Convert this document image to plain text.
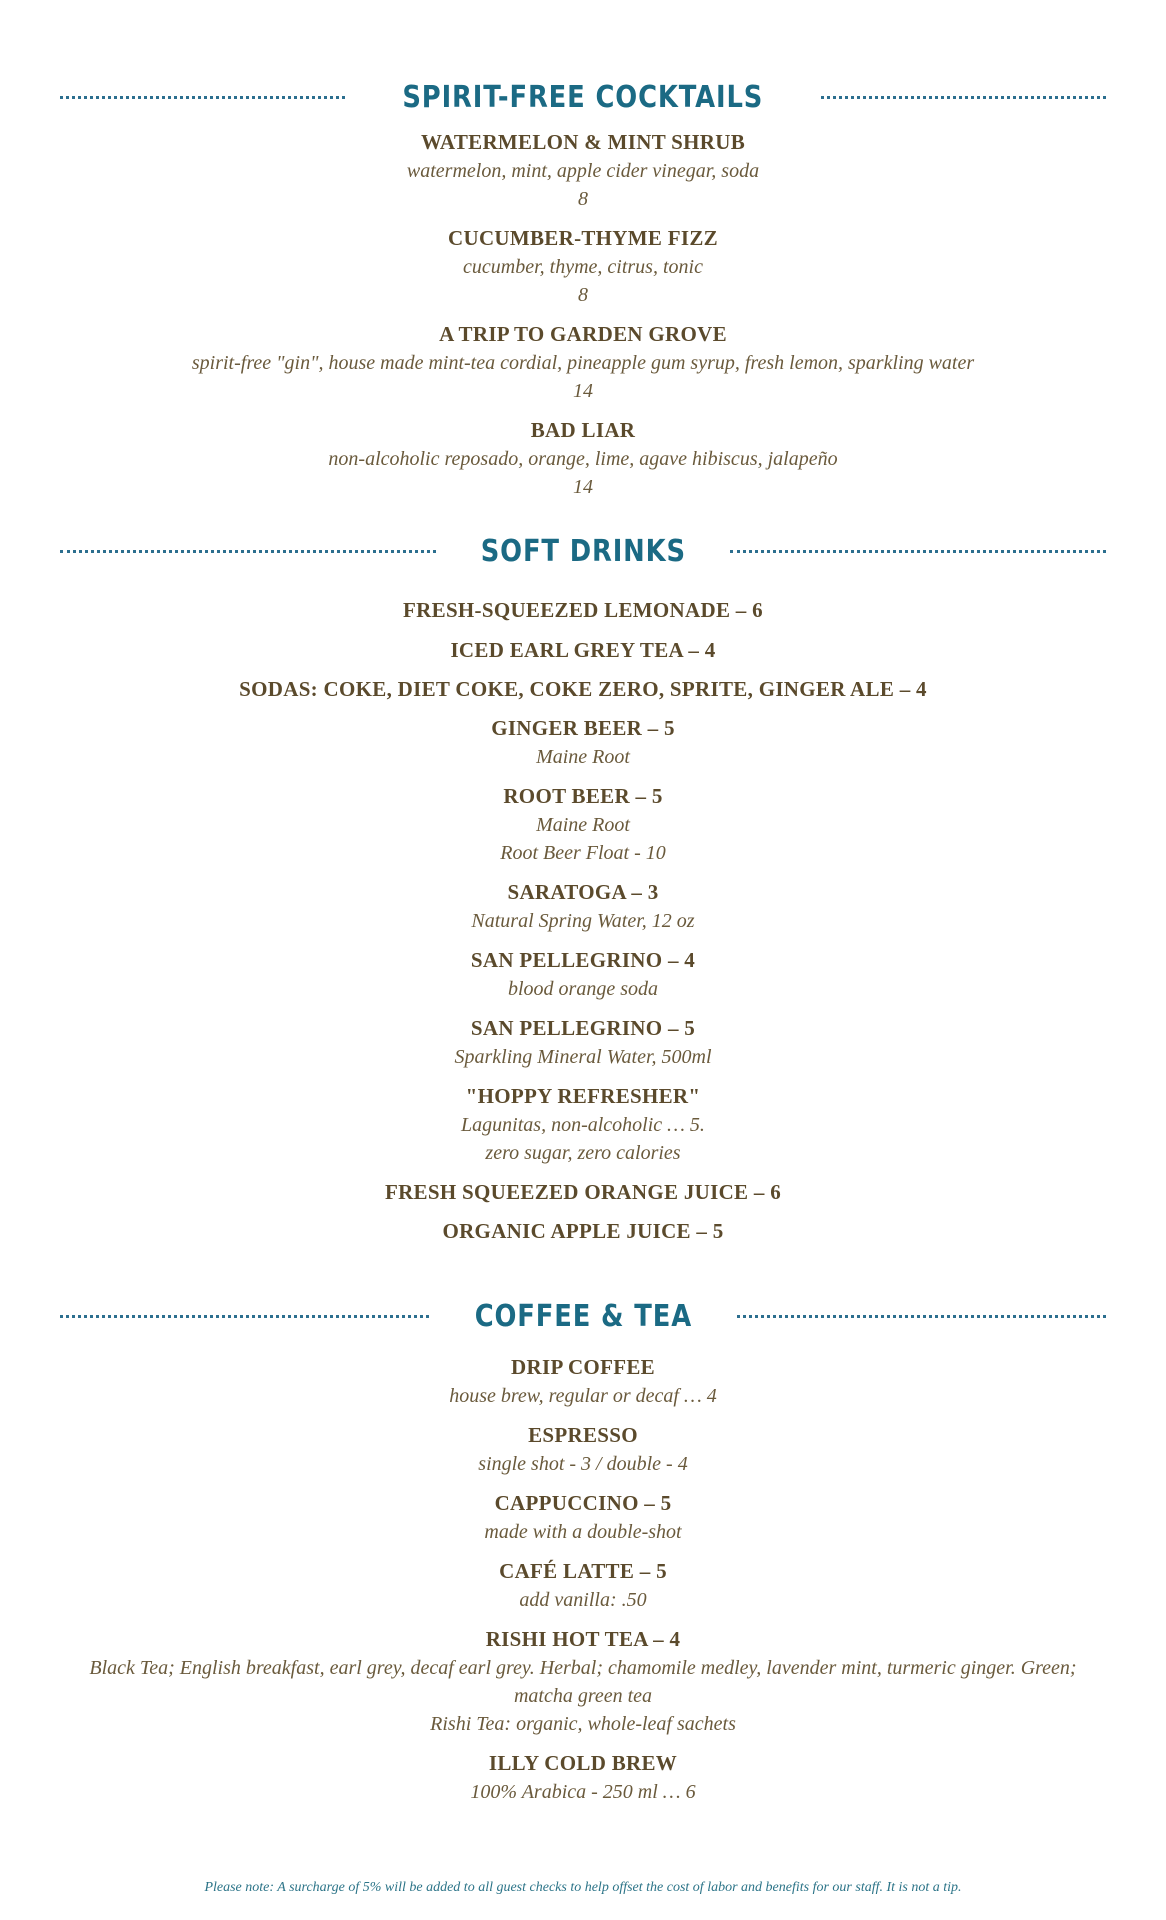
SPIRIT-FREE COCKTAILS
WATERMELON & MINT SHRUB
watermelon, mint, apple cider vinegar, soda
8
CUCUMBER-THYME FIZZ
cucumber, thyme, citrus, tonic
8
A TRIP TO GARDEN GROVE
spirit-free "gin", house made mint-tea cordial, pineapple gum syrup, fresh lemon, sparkling water
14
BAD LIAR
non-alcoholic reposado, orange, lime, agave hibiscus, jalapeño
14
SOFT DRINKS
FRESH-SQUEEZED LEMONADE – 6
ICED EARL GREY TEA – 4
SODAS: COKE, DIET COKE, COKE ZERO, SPRITE, GINGER ALE – 4
GINGER BEER – 5
Maine Root
ROOT BEER – 5
Maine Root
Root Beer Float - 10
SARATOGA – 3
Natural Spring Water, 12 oz
SAN PELLEGRINO – 4
blood orange soda
SAN PELLEGRINO – 5
Sparkling Mineral Water, 500ml
"HOPPY REFRESHER"
Lagunitas, non-alcoholic … 5.
zero sugar, zero calories
FRESH SQUEEZED ORANGE JUICE – 6
ORGANIC APPLE JUICE – 5
COFFEE & TEA
DRIP COFFEE
house brew, regular or decaf … 4
ESPRESSO
single shot - 3 / double - 4
CAPPUCCINO – 5
made with a double-shot
CAFÉ LATTE – 5
add vanilla: .50
RISHI HOT TEA – 4
Black Tea; English breakfast, earl grey, decaf earl grey. Herbal; chamomile medley, lavender mint, turmeric ginger. Green; matcha green tea
Rishi Tea: organic, whole-leaf sachets
ILLY COLD BREW
100% Arabica - 250 ml … 6
Please note: A surcharge of 5% will be added to all guest checks to help offset the cost of labor and benefits for our staff. It is not a tip.
